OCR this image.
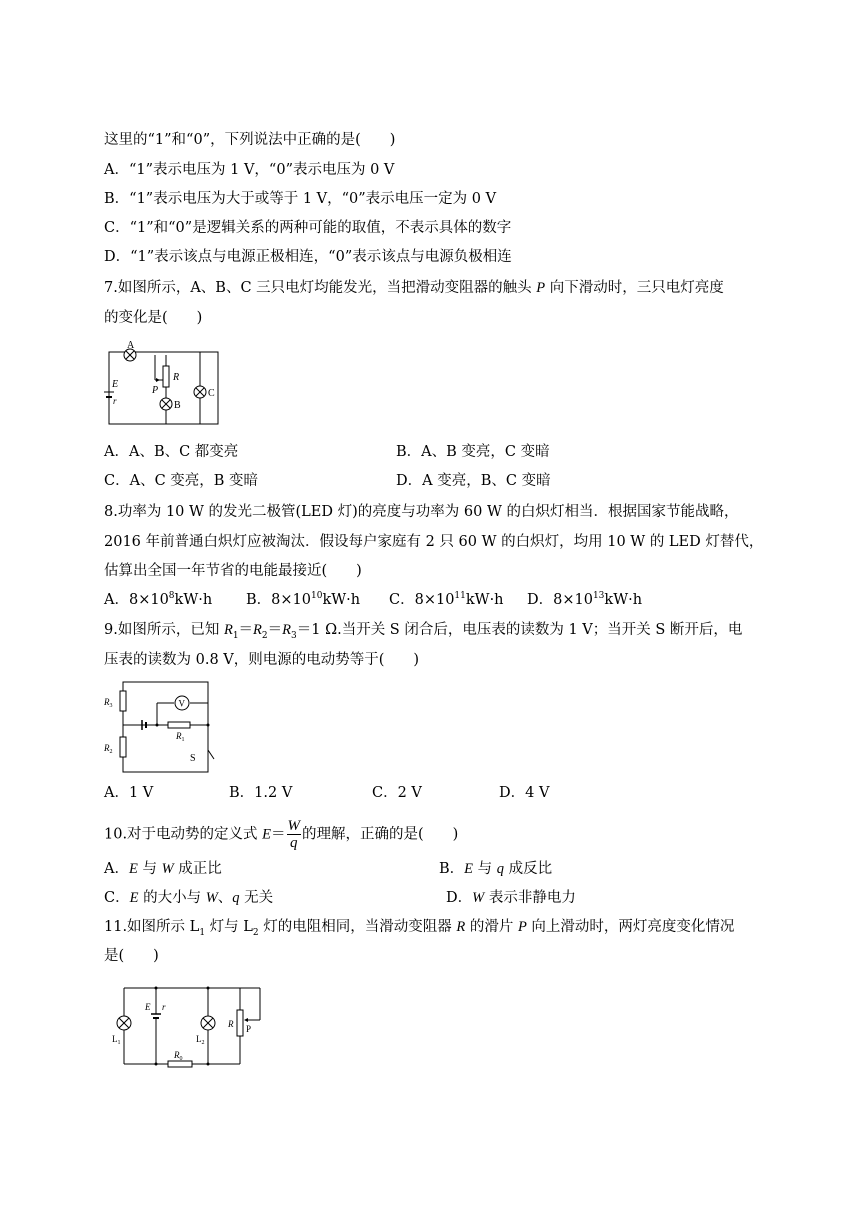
这里的“1”和“0”，下列说法中正确的是(　　)
A．“1”表示电压为 1 V，“0”表示电压为 0 V
B．“1”表示电压为大于或等于 1 V，“0”表示电压一定为 0 V
C．“1”和“0”是逻辑关系的两种可能的取值，不表示具体的数字
D．“1”表示该点与电源正极相连，“0”表示该点与电源负极相连
7.如图所示，A、B、C 三只电灯均能发光，当把滑动变阻器的触头 P 向下滑动时，三只电灯亮度
的变化是(　　)
A
E
r
R
P
B
C
A．A、B、C 都变亮	B．A、B 变亮，C 变暗
C．A、C 变亮，B 变暗	D．A 变亮，B、C 变暗
8.功率为 10 W 的发光二极管(LED 灯)的亮度与功率为 60 W 的白炽灯相当．根据国家节能战略，
2016 年前普通白炽灯应被淘汰．假设每户家庭有 2 只 60 W 的白炽灯，均用 10 W 的 LED 灯替代，
估算出全国一年节省的电能最接近(　　)
A．$8\times 10^8kW\cdot h$ B．$8\times 10^{10}kW\cdot h$ C．$8\times 10^{11}kW\cdot h$ D．$8\times 10^{13}kW\cdot h$
9.如图所示，已知 $R_1=R_2=R_3=1$ Ω.当开关 S 闭合后，电压表的读数为 1 V；当开关 S 断开后，电
压表的读数为 0.8 V，则电源的电动势等于(　　)
$R_3$
$R_2$
$R_1$
V
S
A．1 V	B．1.2 V	C．2 V	D．4 V
10.对于电动势的定义式 $E= \frac{W}{q}$ 的理解，正确的是(　　)
A．E 与 W 成正比	B．E 与 q 成反比
C．E 的大小与 W、q 无关	D．W 表示非静电力
11.如图所示 $L_1$ 灯与 $L_2$ 灯的电阻相同，当滑动变阻器 R 的滑片 P 向上滑动时，两灯亮度变化情况
是(　　)
$L_1$	$L_2$
E r
R P
$R_0$
